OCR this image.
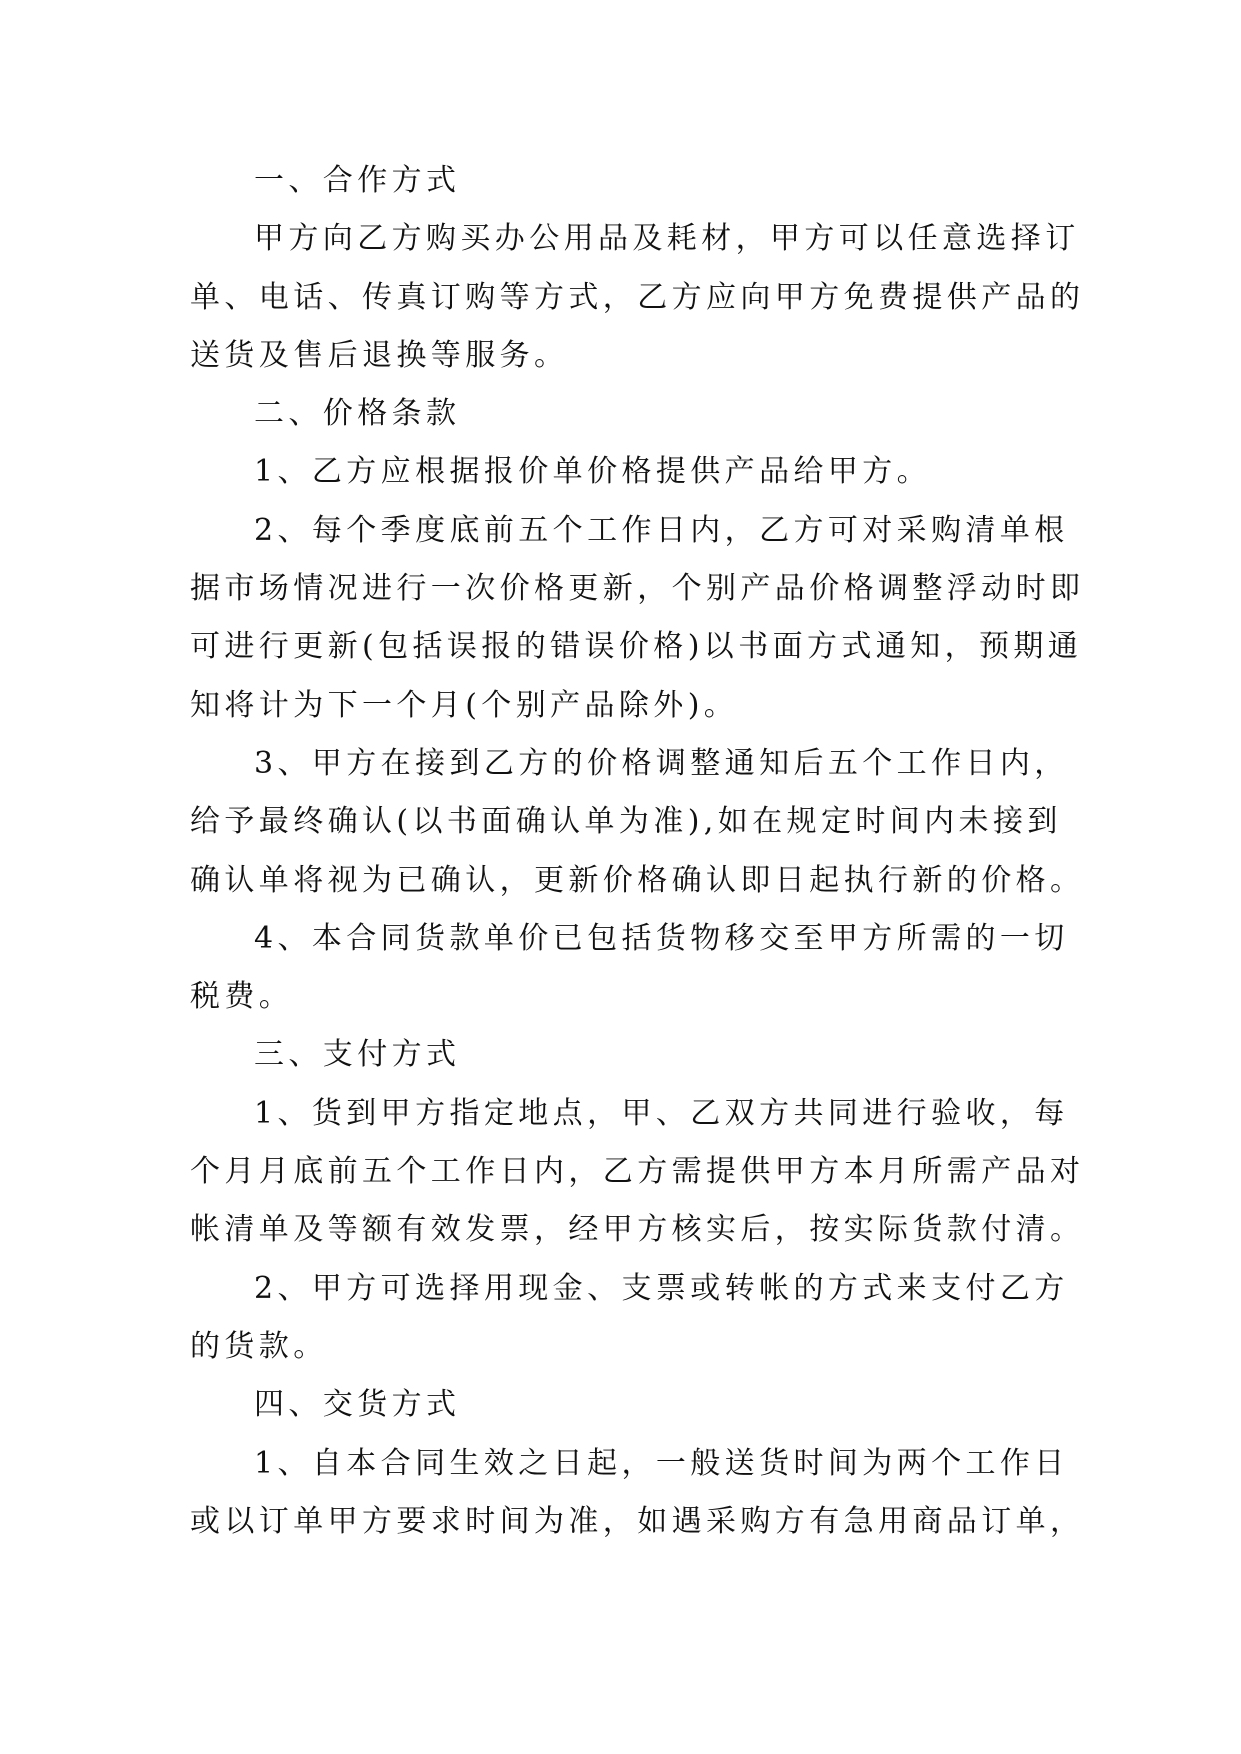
一、合作方式
甲方向乙方购买办公用品及耗材，甲方可以任意选择订
单、电话、传真订购等方式，乙方应向甲方免费提供产品的
送货及售后退换等服务。
二、价格条款
1、乙方应根据报价单价格提供产品给甲方。
2、每个季度底前五个工作日内，乙方可对采购清单根
据市场情况进行一次价格更新，个别产品价格调整浮动时即
可进行更新(包括误报的错误价格)以书面方式通知，预期通
知将计为下一个月(个别产品除外)。
3、甲方在接到乙方的价格调整通知后五个工作日内，
给予最终确认(以书面确认单为准),如在规定时间内未接到
确认单将视为已确认，更新价格确认即日起执行新的价格。
4、本合同货款单价已包括货物移交至甲方所需的一切
税费。
三、支付方式
1、货到甲方指定地点，甲、乙双方共同进行验收，每
个月月底前五个工作日内，乙方需提供甲方本月所需产品对
帐清单及等额有效发票，经甲方核实后，按实际货款付清。
2、甲方可选择用现金、支票或转帐的方式来支付乙方
的货款。
四、交货方式
1、自本合同生效之日起，一般送货时间为两个工作日
或以订单甲方要求时间为准，如遇采购方有急用商品订单，
